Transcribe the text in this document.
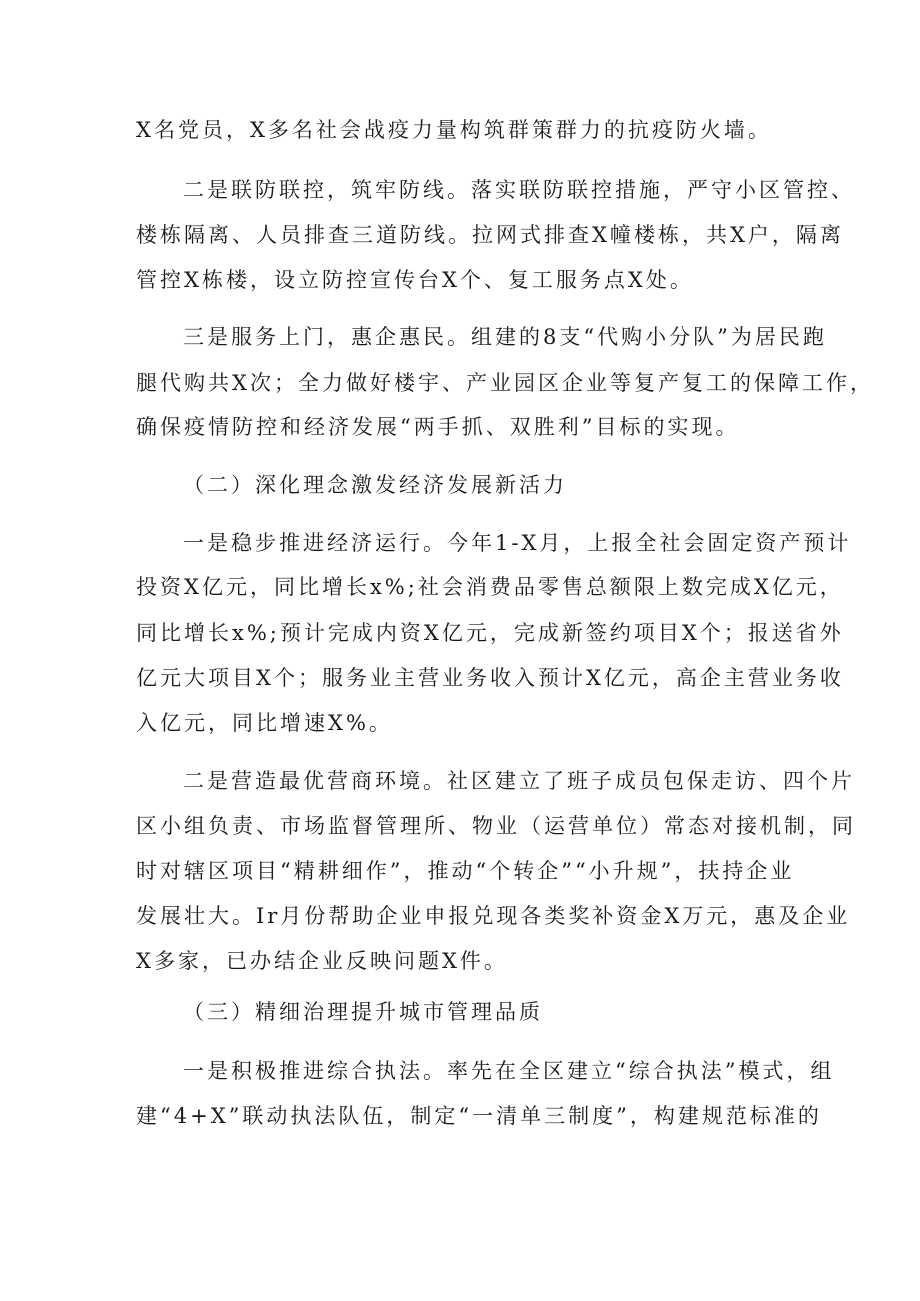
X名党员，X多名社会战疫力量构筑群策群力的抗疫防火墙。

二是联防联控，筑牢防线。落实联防联控措施，严守小区管控、

楼栋隔离、人员排查三道防线。拉网式排查X幢楼栋，共X户，隔离

管控X栋楼，设立防控宣传台X个、复工服务点X处。

三是服务上门，惠企惠民。组建的8支“代购小分队”为居民跑

腿代购共X次；全力做好楼宇、产业园区企业等复产复工的保障工作，

确保疫情防控和经济发展“两手抓、双胜利”目标的实现。

（二）深化理念激发经济发展新活力

一是稳步推进经济运行。今年1-X月，上报全社会固定资产预计

投资X亿元，同比增长x%;社会消费品零售总额限上数完成X亿元，

同比增长x%;预计完成内资X亿元，完成新签约项目X个；报送省外

亿元大项目X个；服务业主营业务收入预计X亿元，高企主营业务收

入亿元，同比增速X%。

二是营造最优营商环境。社区建立了班子成员包保走访、四个片

区小组负责、市场监督管理所、物业（运营单位）常态对接机制，同

时对辖区项目“精耕细作”，推动“个转企”“小升规”，扶持企业

发展壮大。Ir月份帮助企业申报兑现各类奖补资金X万元，惠及企业

X多家，已办结企业反映问题X件。

（三）精细治理提升城市管理品质

一是积极推进综合执法。率先在全区建立“综合执法”模式，组

建“4+X”联动执法队伍，制定“一清单三制度”，构建规范标准的
